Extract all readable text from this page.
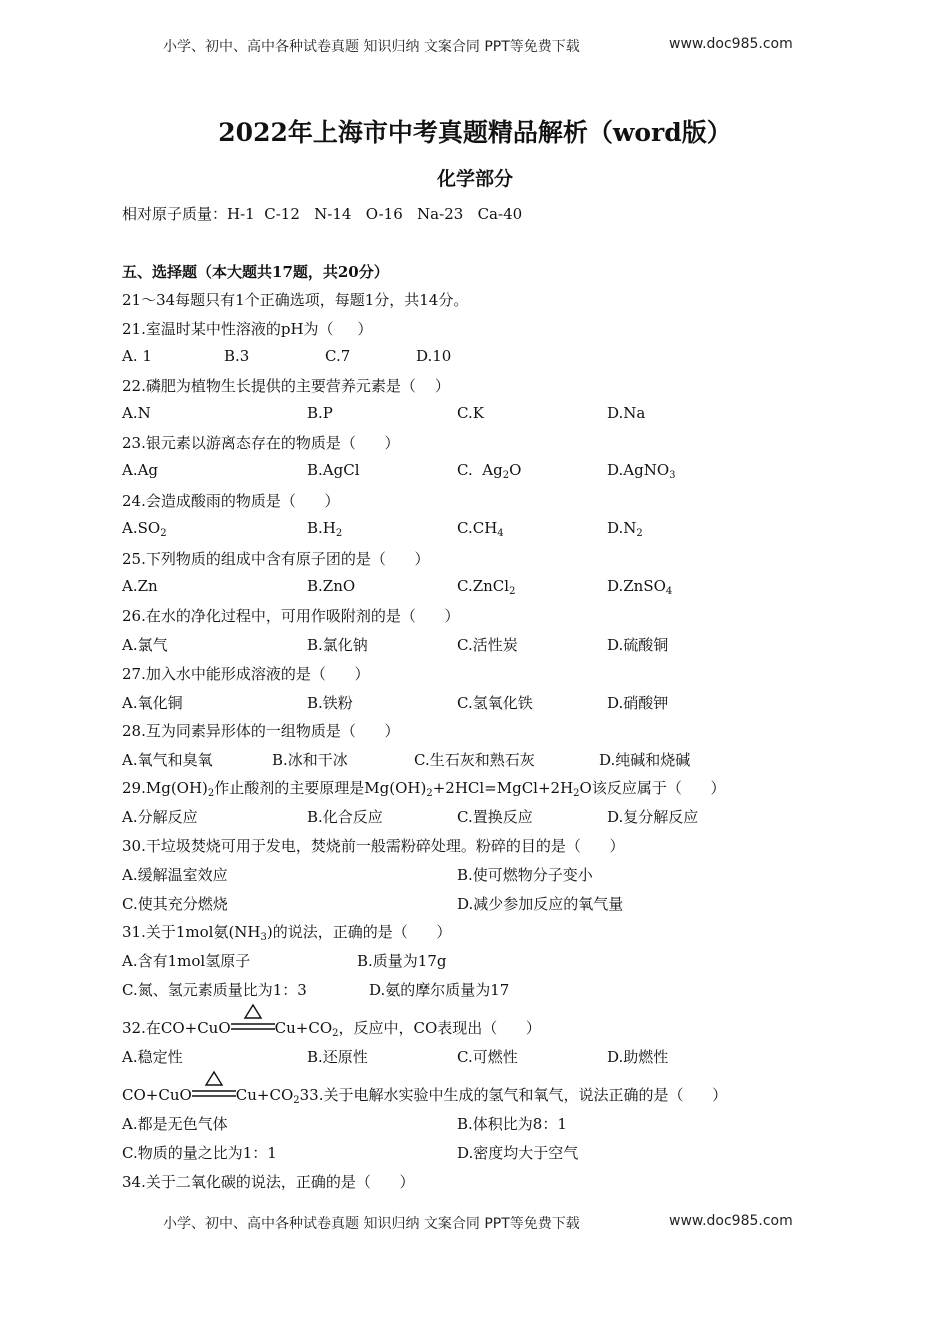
小学、初中、高中各种试卷真题 知识归纳 文案合同 PPT等免费下载	www.doc985.com
2022年上海市中考真题精品解析（word版）
化学部分
相对原子质量：H-1  C-12   N-14   O-16   Na-23   Ca-40
五、选择题（本大题共17题，共20分）
21～34每题只有1个正确选项，每题1分，共14分。
21.室温时某中性溶液的pH为（     ）
A. 1	B.3	C.7	D.10
22.磷肥为植物生长提供的主要营养元素是（    ）
A.N	B.P	C.K	D.Na
23.银元素以游离态存在的物质是（      ）
A.Ag	B.AgCl	C.  $Ag_2O$	D.AgNO$_3$
24.会造成酸雨的物质是（      ）
$A.SO_2$	$B.H_2$	$C.CH_4$	$D.N_2$
25.下列物质的组成中含有原子团的是（      ）
A.Zn	B.ZnO	C.ZnCl$_2$	D.ZnSO$_4$
26.在水的净化过程中，可用作吸附剂的是（      ）
A.氯气	B.氯化钠	C.活性炭	D.硫酸铜
27.加入水中能形成溶液的是（      ）
A.氧化铜	B.铁粉	C.氢氧化铁	D.硝酸钾
28.互为同素异形体的一组物质是（      ）
A.氧气和臭氧	B.冰和干冰	C.生石灰和熟石灰	D.纯碱和烧碱
$29.Mg(OH)_2$作止酸剂的主要原理是$Mg(OH)_2+2HCl=MgCl+2H_2O$该反应属于（      ）
A.分解反应	B.化合反应	C.置换反应	D.复分解反应
30.干垃圾焚烧可用于发电，焚烧前一般需粉碎处理。粉碎的目的是（      ）
A.缓解温室效应	B.使可燃物分子变小
C.使其充分燃烧	D.减少参加反应的氧气量
31.关于1mol氨$(NH_3)$的说法，正确的是（      ）
A.含有1mol氢原子	B.质量为17g
C.氮、氢元素质量比为1：3	D.氨的摩尔质量为17
32.在CO+CuO	$Cu+CO_2$，反应中，CO表现出（      ）
A.稳定性	B.还原性	C.可燃性	D.助燃性
CO+CuO	$Cu+CO_233$.关于电解水实验中生成的氢气和氧气，说法正确的是（      ）
A.都是无色气体	B.体积比为8：1
C.物质的量之比为1：1	D.密度均大于空气
34.关于二氧化碳的说法，正确的是（      ）
小学、初中、高中各种试卷真题 知识归纳 文案合同 PPT等免费下载	www.doc985.com
